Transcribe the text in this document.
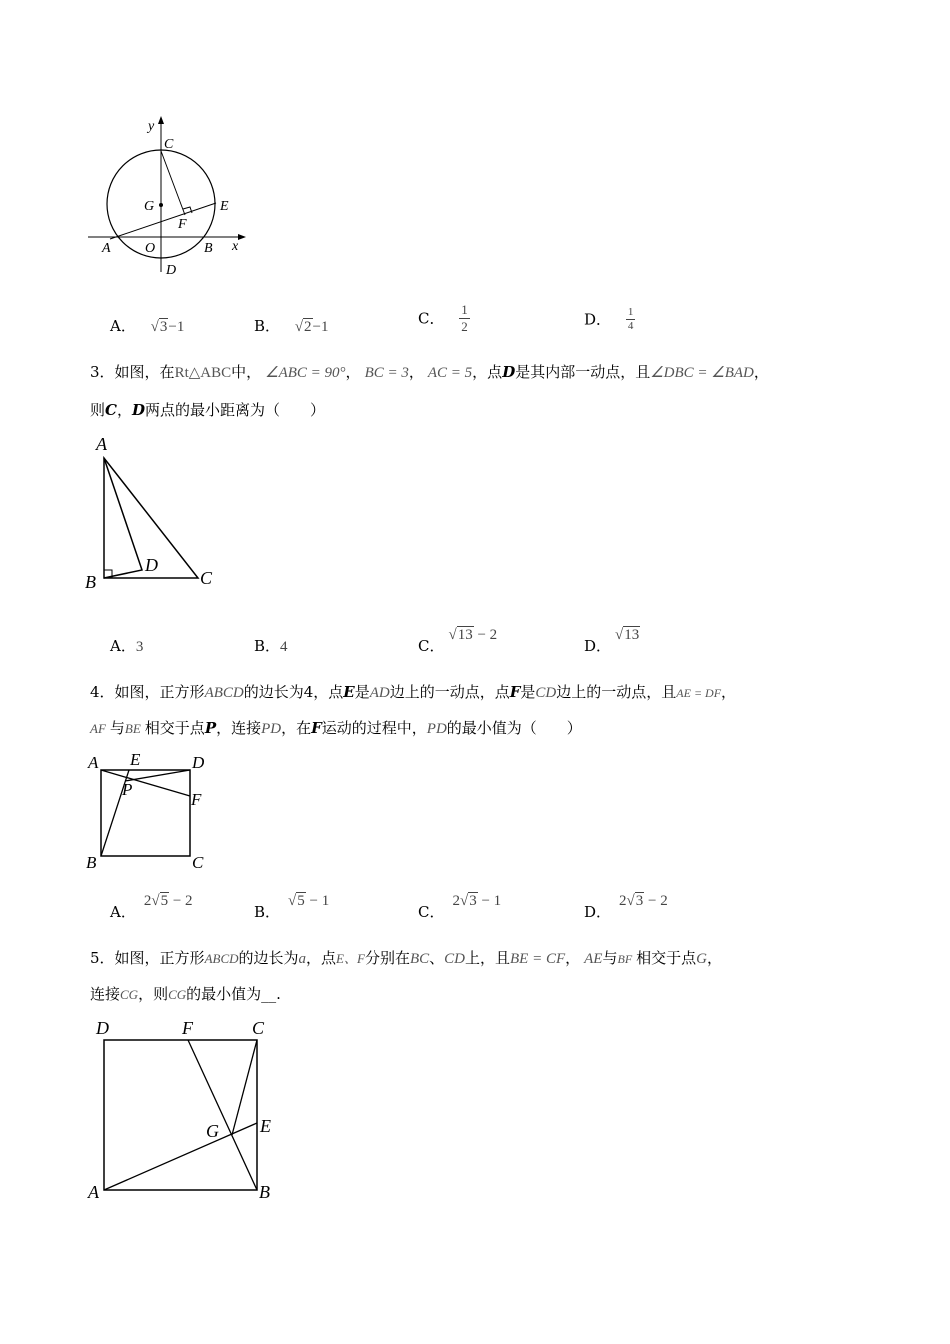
y
C
G	E
F
A O	B x
D
A． √3−1	B． √2−1	C． $\frac{1}{2}$	D． $\frac{1}{4}$
3．如图，在Rt△ABC中， ∠ABC = 90°， BC = 3， AC = 5，点D是其内部一动点，且∠DBC = ∠BAD，
则C，D两点的最小距离为（　　）
A
B
D
C
A．3	B．4	C．√13 − 2
D．√13
4．如图，正方形ABCD的边长为4，点E是AD边上的一动点，点F是CD边上的一动点，且AE = DF，
AF 与BE 相交于点P，连接PD，在F运动的过程中，PD的最小值为（　　）
A E	D
P
F
B	C
A．2√5 − 2
B．√5 − 1
C．2√3 − 1
D．2√3 − 2
5．如图，正方形ABCD的边长为a，点E、F分别在BC、CD上，且BE = CF， AE与BF 相交于点G，
连接CG，则CG的最小值为__.
D	F	C
G E
A	B
